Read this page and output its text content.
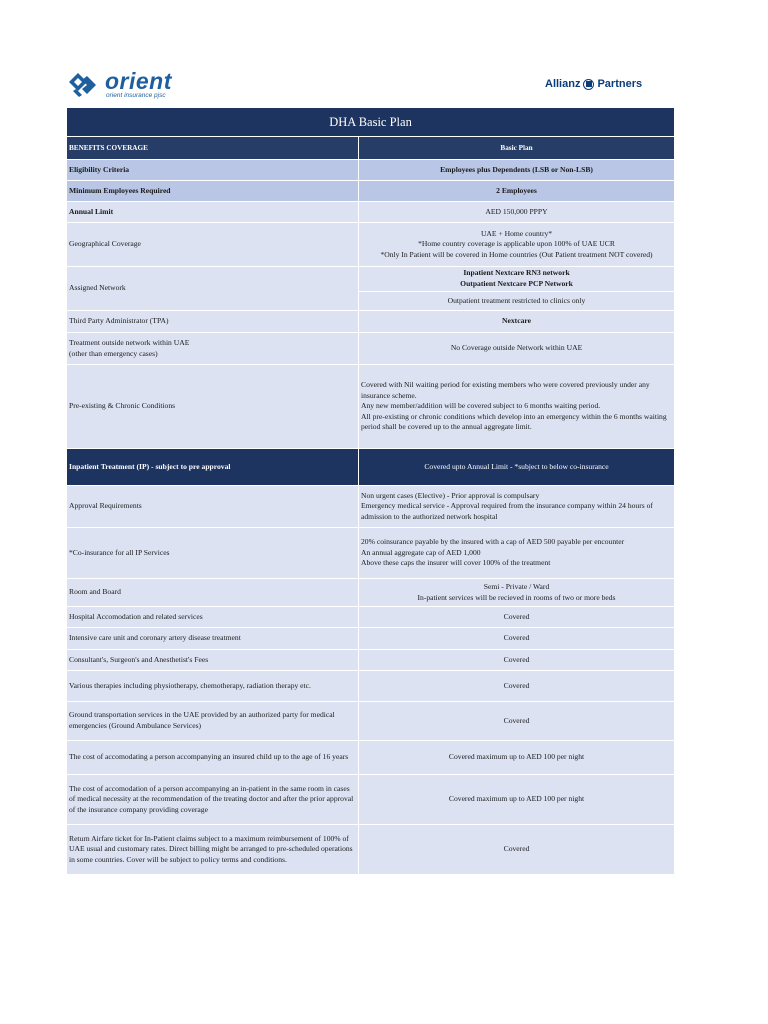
orient
orient insurance pjsc
Allianz Partners
DHA Basic Plan	
BENEFITS COVERAGE	Basic Plan
Eligibility Criteria	Employees plus Dependents (LSB or Non-LSB)
Minimum Employees Required	2 Employees
Annual Limit	AED 150,000 PPPY
Geographical Coverage	UAE + Home country*
*Home country coverage is applicable upon 100% of UAE UCR
*Only In Patient will be covered in Home countries (Out Patient treatment NOT covered)

Assigned Network	Inpatient Nextcare RN3 network
Outpatient Nextcare PCP Network

	Outpatient treatment restricted to clinics only
Third Party Administrator (TPA)	Nextcare

Treatment outside network within UAE
(other than emergency cases)	No Coverage outside Network within UAE
Pre-existing & Chronic Conditions	Covered with Nil waiting period for existing members who were covered previously under any insurance scheme.
Any new member/addition will be covered subject to 6 months waiting period.
All pre-existing or chronic conditions which develop into an emergency within the 6 months waiting period shall be covered up to the annual aggregate limit.

Inpatient Treatment (IP) - subject to pre approval	Covered upto Annual Limit - *subject to below co-insurance
Approval Requirements	Non urgent cases (Elective) - Prior approval is compulsary
Emergency medical service - Approval required from the insurance company within 24 hours of admission to the authorized network hospital

*Co-insurance for all IP Services	20% coinsurance payable by the insured with a cap of AED 500 payable per encounter
An annual aggregate cap of AED 1,000
Above these caps the insurer will cover 100% of the treatment

Room and Board	Semi - Private / Ward
In-patient services will be recieved in rooms of two or more beds

Hospital Accomodation and related services	Covered
Intensive care unit and coronary artery disease treatment	Covered
Consultant's, Surgeon's and Anesthetist's Fees	Covered
Various therapies including physiotherapy, chemotherapy, radiation therapy etc.	Covered
Ground transportation services in the UAE provided by an authorized party for medical emergencies (Ground Ambulance Services)	Covered
The cost of accomodating a person accompanying an insured child up to the age of 16 years	Covered maximum up to AED 100 per night
The cost of accomodation of a person accompanying an in-patient in the same room in cases of medical necessity at the recommendation of the treating doctor and after the prior approval of the insurance company providing coverage	Covered maximum up to AED 100 per night
Return Airfare ticket for In-Patient claims subject to a maximum reimbursement of 100% of UAE usual and customary rates. Direct billing might be arranged to pre-scheduled operations in some countries. Cover will be subject to policy terms and conditions.	Covered
